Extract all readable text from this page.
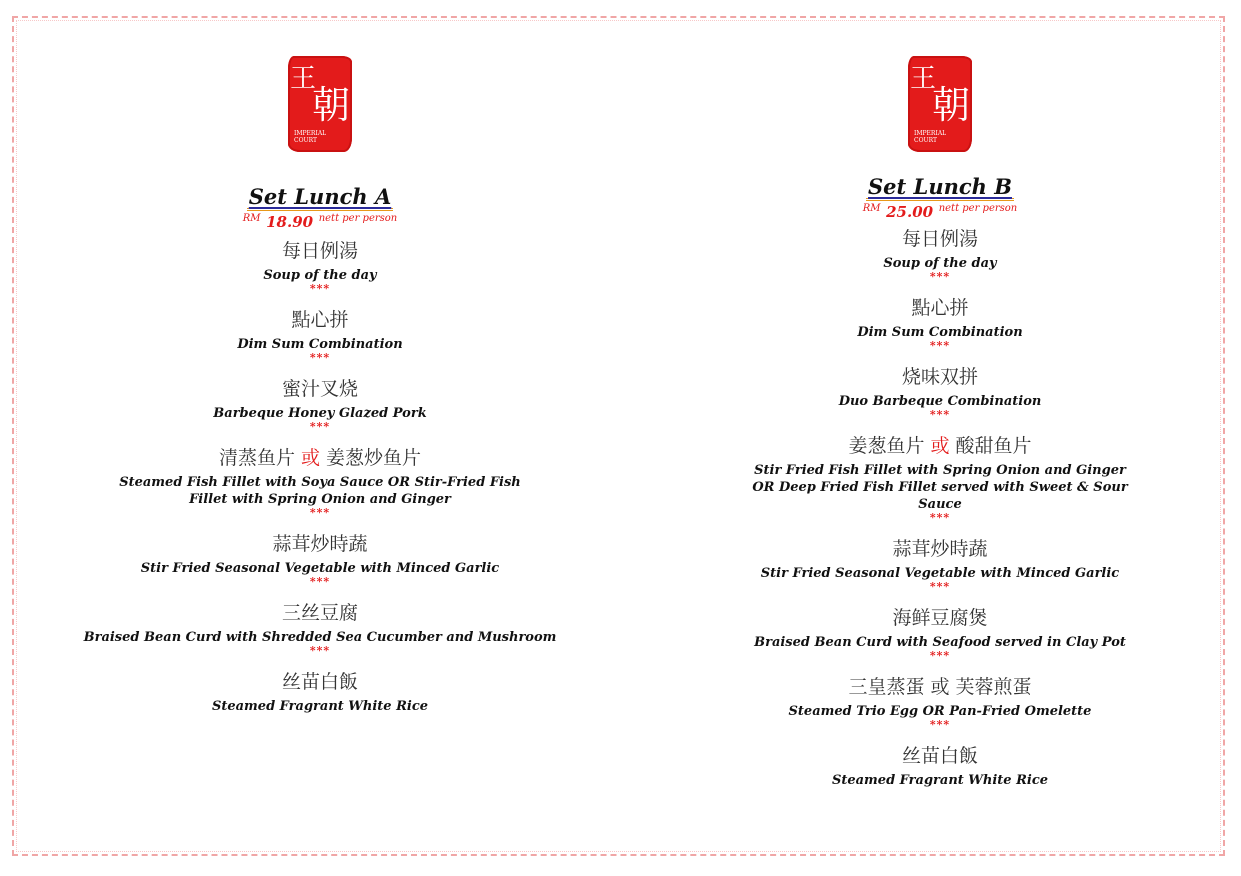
王
朝
IMPERIAL
COURT
Set Lunch A
$^{RM}$ 18.90 $^{nett per person}$
每日例湯
Soup of the day
***
點心拼
Dim Sum Combination
***
蜜汁叉烧
Barbeque Honey Glazed Pork
***
清蒸鱼片 或 姜葱炒鱼片
Steamed Fish Fillet with Soya Sauce OR Stir-Fried Fish Fillet with Spring Onion and Ginger
***
蒜茸炒時蔬
Stir Fried Seasonal Vegetable with Minced Garlic
***
三丝豆腐
Braised Bean Curd with Shredded Sea Cucumber and Mushroom
***
丝苗白飯
Steamed Fragrant White Rice
王
朝
IMPERIAL
COURT
Set Lunch B
$^{RM}$ 25.00 $^{nett per person}$
每日例湯
Soup of the day
***
點心拼
Dim Sum Combination
***
烧味双拼
Duo Barbeque Combination
***
姜葱鱼片 或 酸甜鱼片
Stir Fried Fish Fillet with Spring Onion and Ginger OR Deep Fried Fish Fillet served with Sweet & Sour Sauce
***
蒜茸炒時蔬
Stir Fried Seasonal Vegetable with Minced Garlic
***
海鲜豆腐煲
Braised Bean Curd with Seafood served in Clay Pot
***
三皇蒸蛋 或 芙蓉煎蛋
Steamed Trio Egg OR Pan-Fried Omelette
***
丝苗白飯
Steamed Fragrant White Rice
